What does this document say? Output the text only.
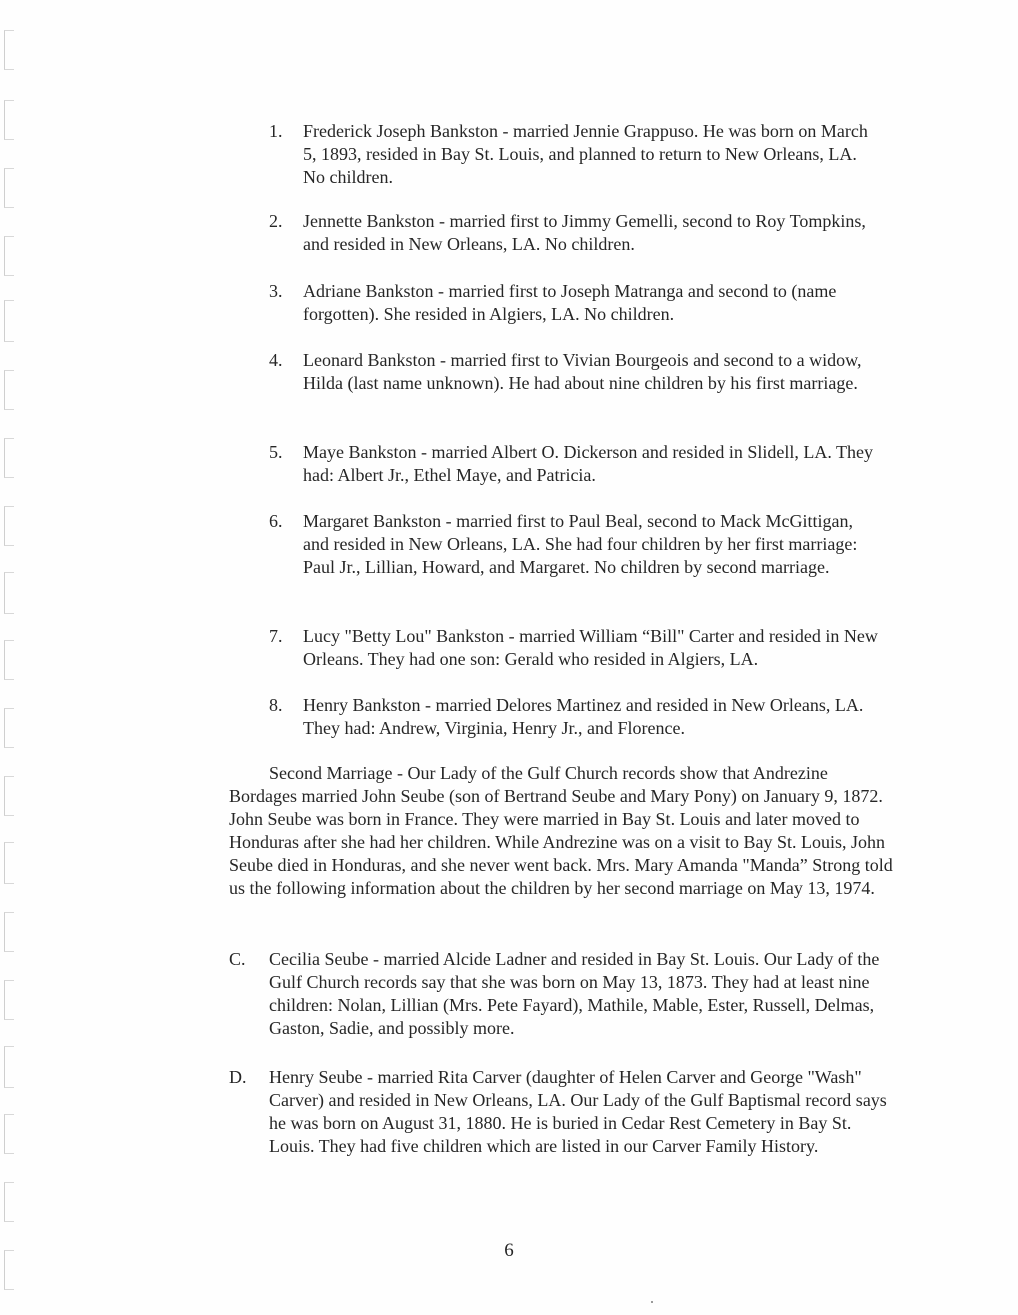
1. Frederick Joseph Bankston - married Jennie Grappuso. He was born on March 5, 1893, resided in Bay St. Louis, and planned to return to New Orleans, LA. No children.
2. Jennette Bankston - married first to Jimmy Gemelli, second to Roy Tompkins, and resided in New Orleans, LA. No children.
3. Adriane Bankston - married first to Joseph Matranga and second to (name forgotten). She resided in Algiers, LA. No children.
4. Leonard Bankston - married first to Vivian Bourgeois and second to a widow, Hilda (last name unknown). He had about nine children by his first marriage.
5. Maye Bankston - married Albert O. Dickerson and resided in Slidell, LA. They had: Albert Jr., Ethel Maye, and Patricia.
6. Margaret Bankston - married first to Paul Beal, second to Mack McGittigan, and resided in New Orleans, LA. She had four children by her first marriage: Paul Jr., Lillian, Howard, and Margaret. No children by second marriage.
7. Lucy "Betty Lou" Bankston - married William “Bill" Carter and resided in New Orleans. They had one son: Gerald who resided in Algiers, LA.
8. Henry Bankston - married Delores Martinez and resided in New Orleans, LA. They had: Andrew, Virginia, Henry Jr., and Florence.

Second Marriage - Our Lady of the Gulf Church records show that Andrezine Bordages married John Seube (son of Bertrand Seube and Mary Pony) on January 9, 1872. John Seube was born in France. They were married in Bay St. Louis and later moved to Honduras after she had her children. While Andrezine was on a visit to Bay St. Louis, John Seube died in Honduras, and she never went back. Mrs. Mary Amanda "Manda” Strong told us the following information about the children by her second marriage on May 13, 1974.

C. Cecilia Seube - married Alcide Ladner and resided in Bay St. Louis. Our Lady of the Gulf Church records say that she was born on May 13, 1873. They had at least nine children: Nolan, Lillian (Mrs. Pete Fayard), Mathile, Mable, Ester, Russell, Delmas, Gaston, Sadie, and possibly more.
D. Henry Seube - married Rita Carver (daughter of Helen Carver and George "Wash" Carver) and resided in New Orleans, LA. Our Lady of the Gulf Baptismal record says he was born on August 31, 1880. He is buried in Cedar Rest Cemetery in Bay St. Louis. They had five children which are listed in our Carver Family History.
6
